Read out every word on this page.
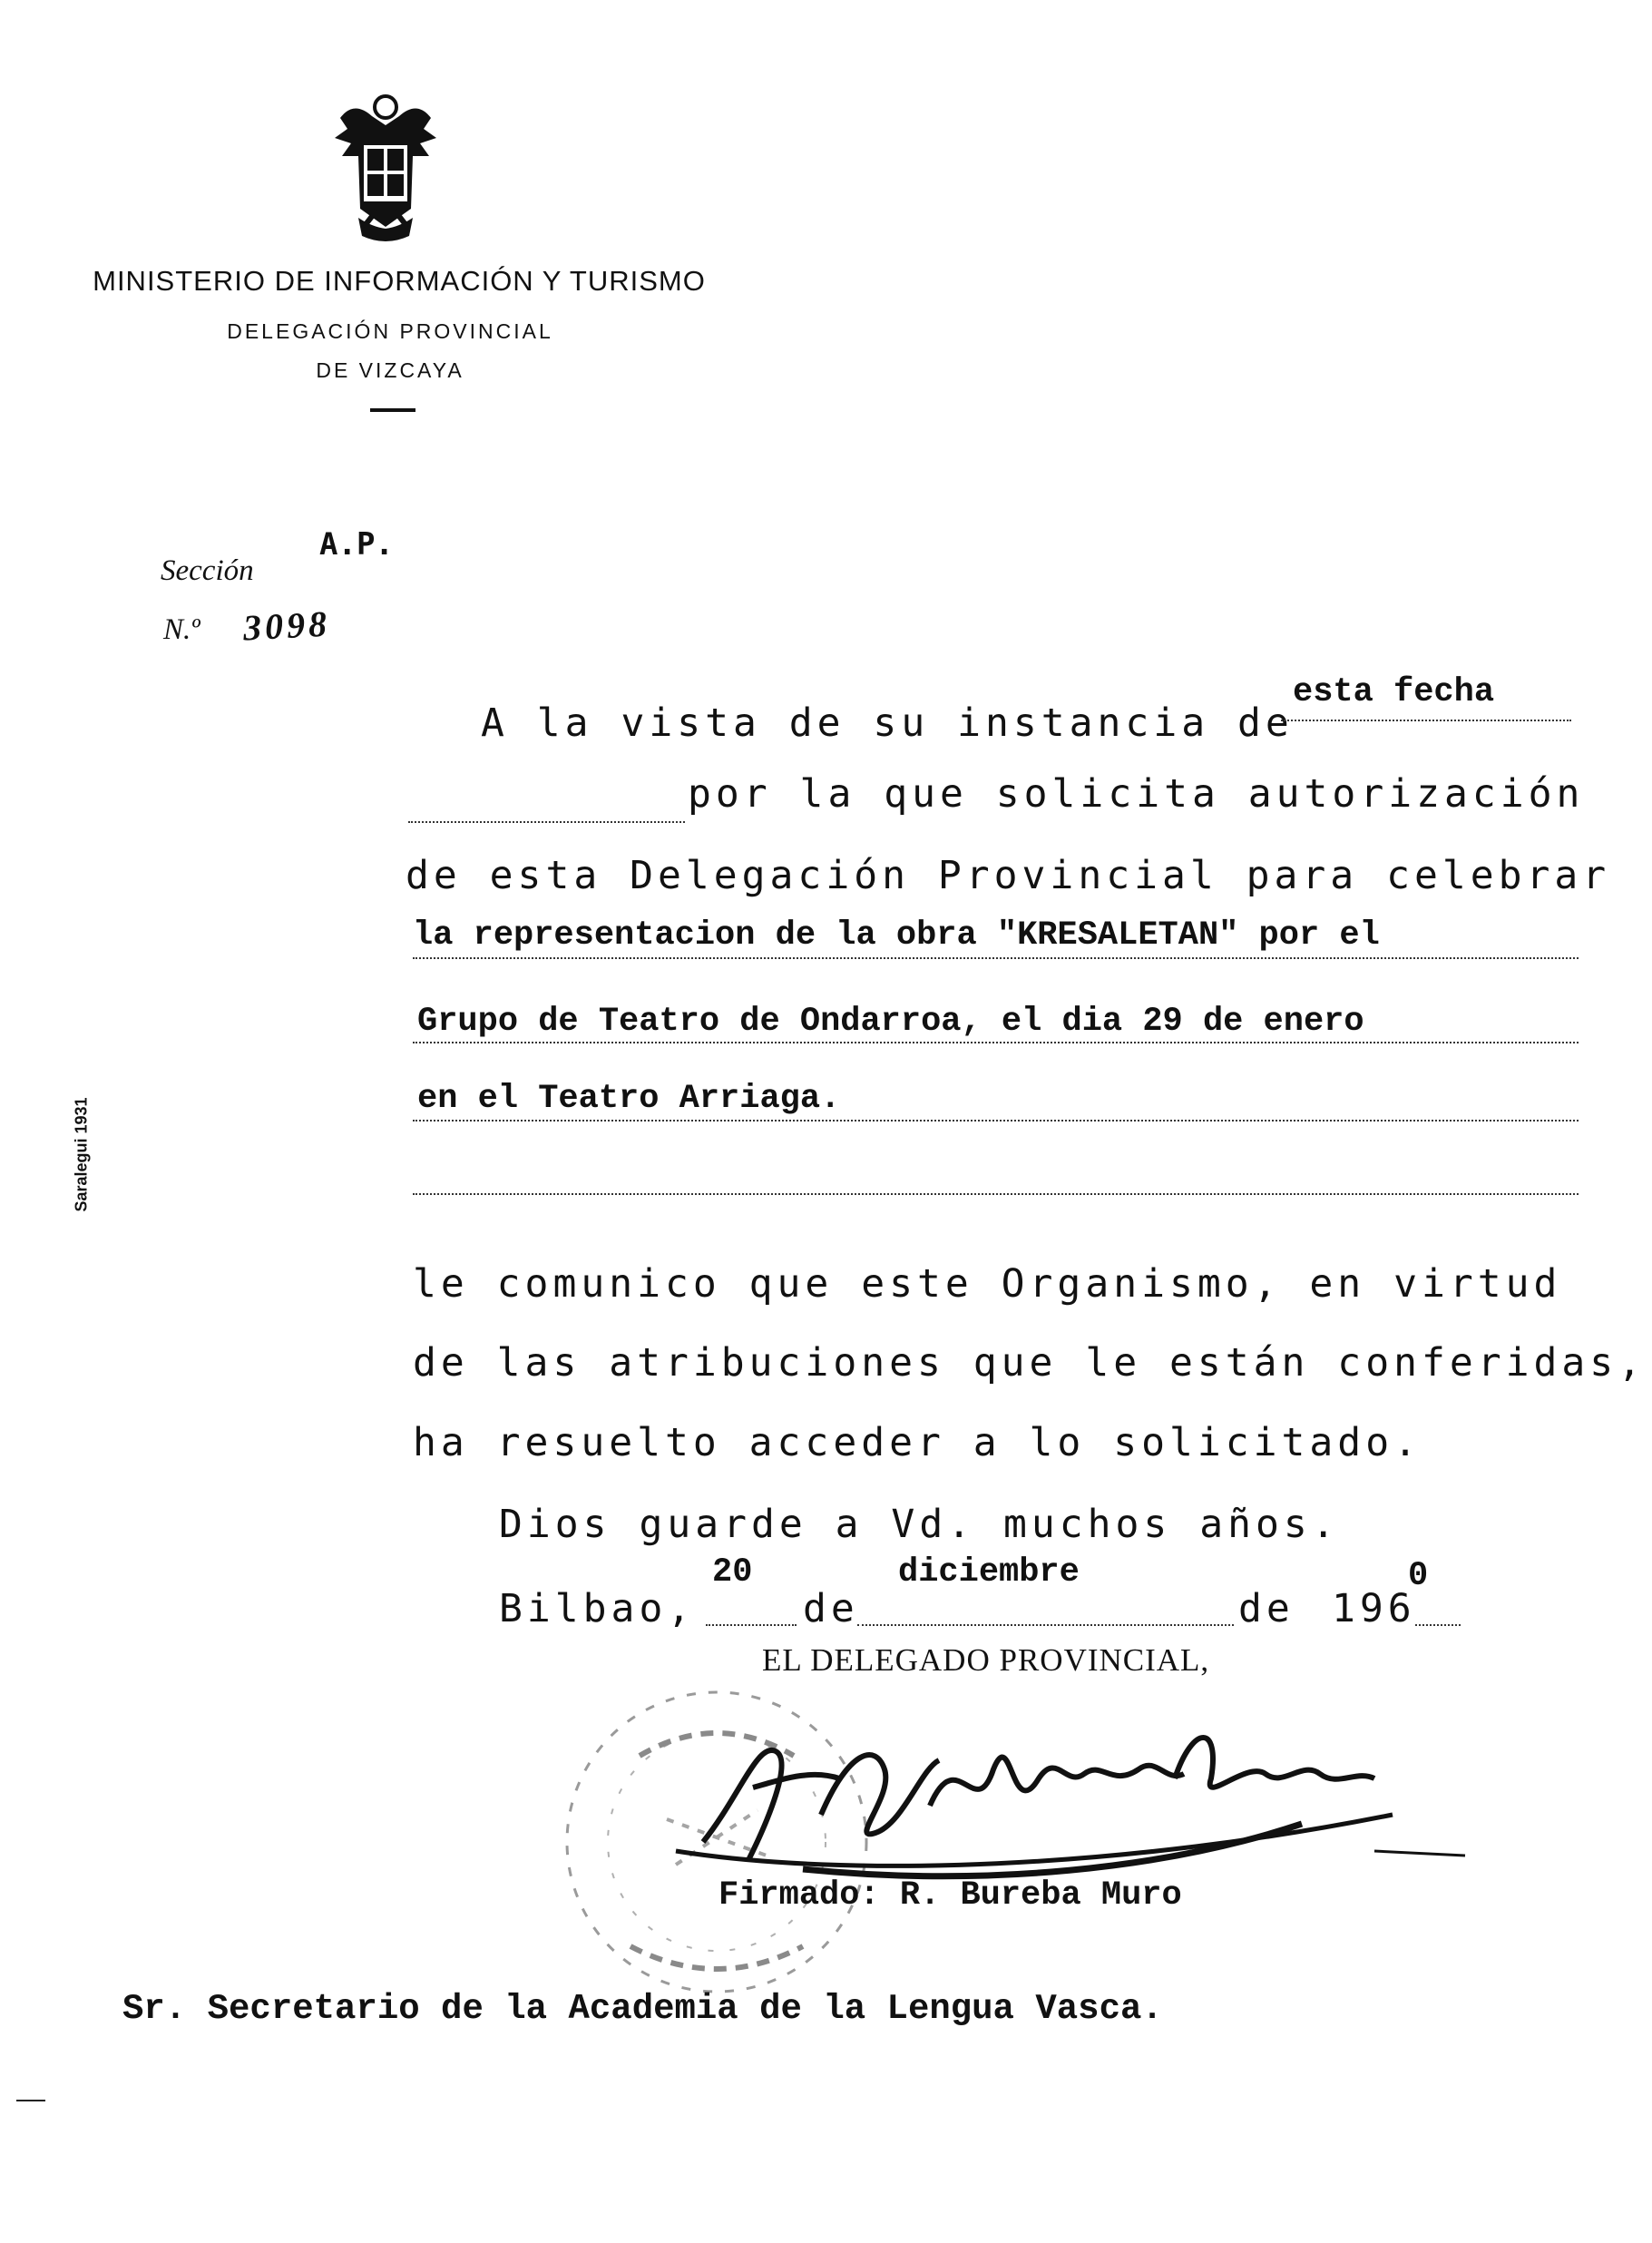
MINISTERIO DE INFORMACIÓN Y TURISMO
DELEGACIÓN PROVINCIAL
DE VIZCAYA
Sección
A.P.
N.º 3098
Saralegui 1931
A la vista de su instancia de
esta fecha
por la que solicita autorización
de esta Delegación Provincial para celebrar
la representacion de la obra "KRESALETAN" por el
Grupo de Teatro de Ondarroa, el dia 29 de enero
en el Teatro Arriaga.
le comunico que este Organismo, en virtud
de las atribuciones que le están conferidas,
ha resuelto acceder a lo solicitado.
Dios guarde a Vd. muchos años.
Bilbao,
20
de
diciembre
de 196
0
EL DELEGADO PROVINCIAL,
Firmado: R. Bureba Muro
Sr. Secretario de la Academia de la Lengua Vasca.
